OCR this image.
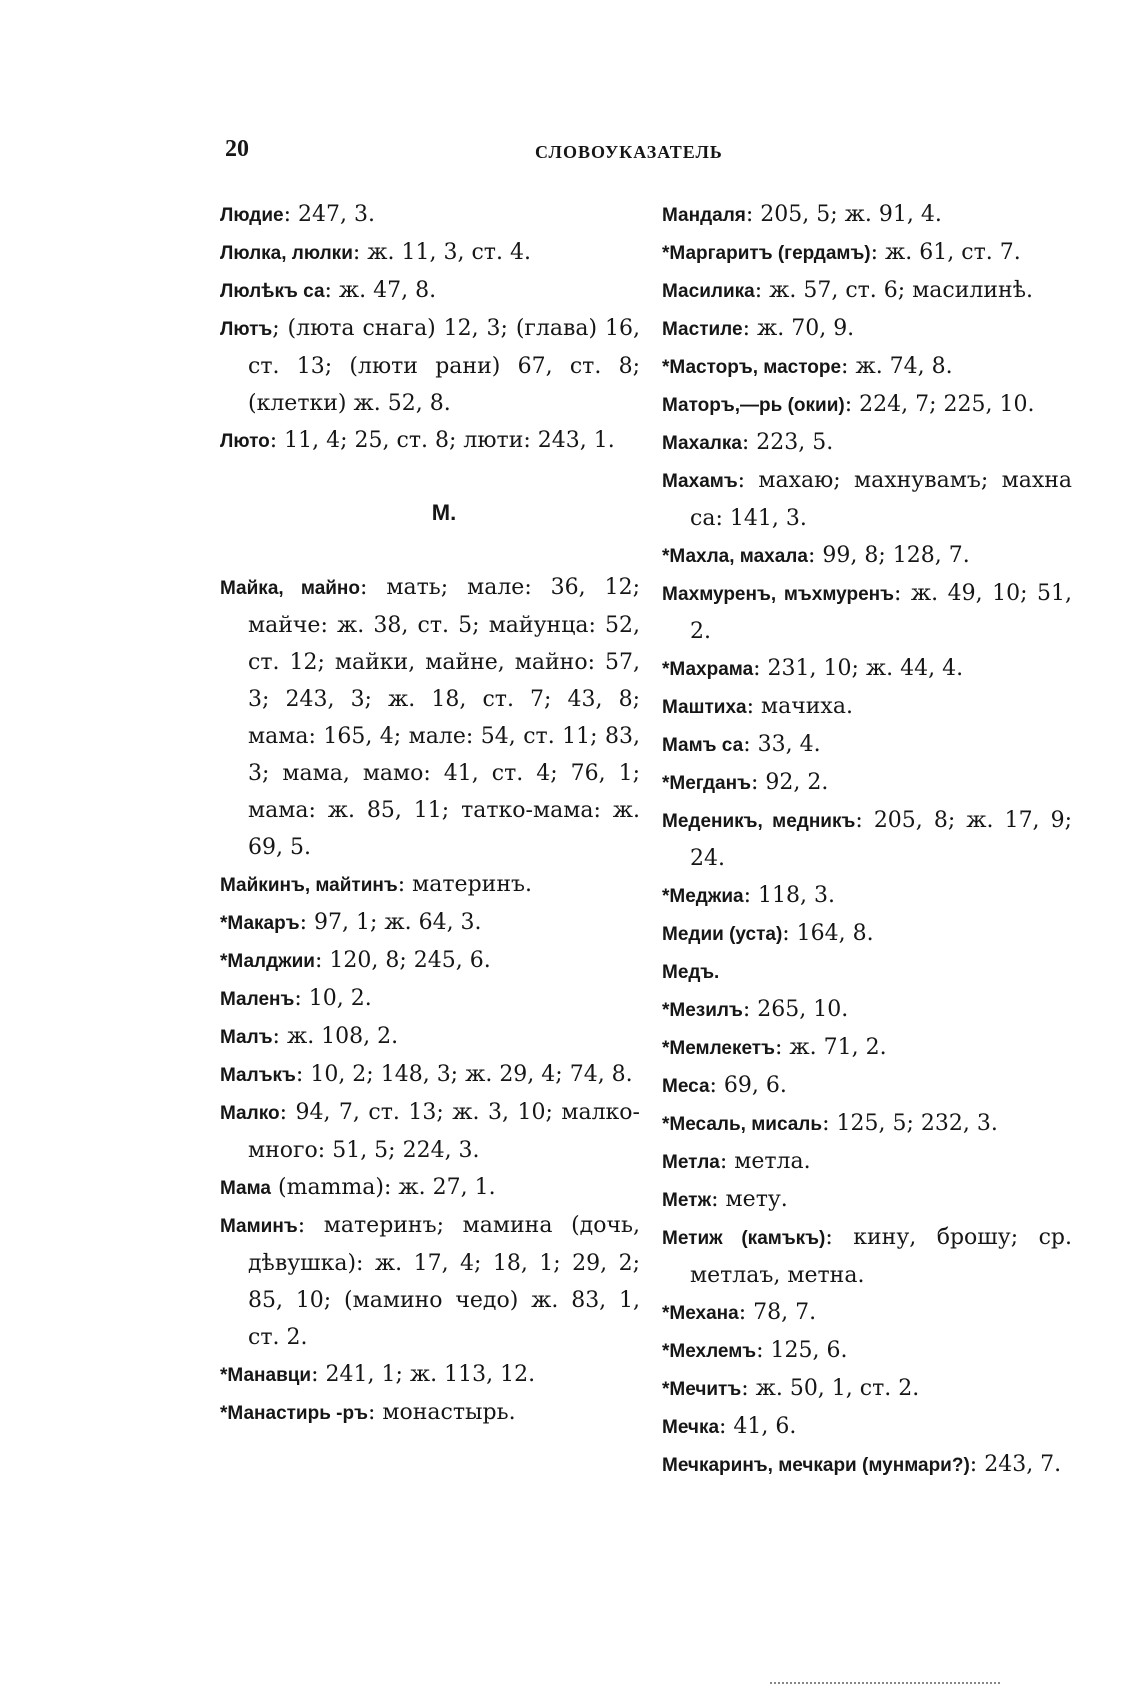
20	СЛОВОУКАЗАТЕЛЬ

Людие: 247, 3.

Люлка, люлки: ж. 11, 3, ст. 4.

Люлѣкъ са: ж. 47, 8.

Лютъ; (люта снага) 12, 3; (глава) 16, ст. 13; (люти рани) 67, ст. 8; (клетки) ж. 52, 8.

Люто: 11, 4; 25, ст. 8; люти: 243, 1.

М.

Майка, майно: мать; мале: 36, 12; майче: ж. 38, ст. 5; майунца: 52, ст. 12; майки, майне, майно: 57, 3; 243, 3; ж. 18, ст. 7; 43, 8; мама: 165, 4; мале: 54, ст. 11; 83, 3; мама, мамо: 41, ст. 4; 76, 1; мама: ж. 85, 11; татко-мама: ж. 69, 5.

Майкинъ, майтинъ: материнъ.

*Макаръ: 97, 1; ж. 64, 3.

*Малджии: 120, 8; 245, 6.

Маленъ: 10, 2.

Малъ: ж. 108, 2.

Малъкъ: 10, 2; 148, 3; ж. 29, 4; 74, 8.

Малко: 94, 7, ст. 13; ж. 3, 10; малко-много: 51, 5; 224, 3.

Мама (mamma): ж. 27, 1.

Маминъ: материнъ; мамина (дочь, дѣвушка): ж. 17, 4; 18, 1; 29, 2; 85, 10; (мамино чедо) ж. 83, 1, ст. 2.

*Манавци: 241, 1; ж. 113, 12.

*Манастирь -ръ: монастырь.

Мандаля: 205, 5; ж. 91, 4.

*Маргаритъ (гердамъ): ж. 61, ст. 7.

Масилика: ж. 57, ст. 6; масилинѣ.

Мастиле: ж. 70, 9.

*Масторъ, масторе: ж. 74, 8.

Маторъ,—рь (окии): 224, 7; 225, 10.

Махалка: 223, 5.

Махамъ: махаю; махнувамъ; махна са: 141, 3.

*Махла, махала: 99, 8; 128, 7.

Махмуренъ, мъхмуренъ: ж. 49, 10; 51, 2.

*Махрама: 231, 10; ж. 44, 4.

Маштиха: мачиха.

Мамъ са: 33, 4.

*Мегданъ: 92, 2.

Меденикъ, медникъ: 205, 8; ж. 17, 9; 24.

*Меджиа: 118, 3.

Медии (уста): 164, 8.

Медъ.

*Мезилъ: 265, 10.

*Мемлекетъ: ж. 71, 2.

Меса: 69, 6.

*Месаль, мисаль: 125, 5; 232, 3.

Метла: метла.

Метж: мету.

Метиж (камъкъ): кину, брошу; ср. метлаъ, метна.

*Механа: 78, 7.

*Мехлемъ: 125, 6.

*Мечитъ: ж. 50, 1, ст. 2.

Мечка: 41, 6.

Мечкаринъ, мечкари (мунмари?): 243, 7.
